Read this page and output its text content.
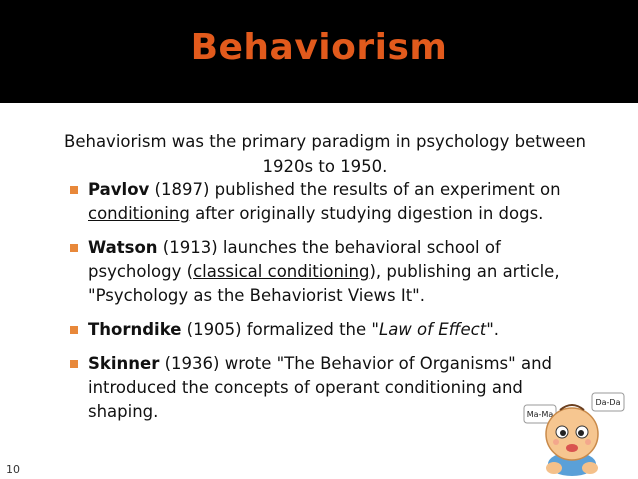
Behaviorism
Behaviorism was the primary paradigm in psychology between 1920s to 1950.
Pavlov (1897) published the results of an experiment on conditioning after originally studying digestion in dogs.
Watson (1913) launches the behavioral school of psychology (classical conditioning), publishing an article, "Psychology as the Behaviorist Views It".
Thorndike (1905) formalized the "Law of Effect".
Skinner (1936) wrote "The Behavior of Organisms" and introduced the concepts of operant conditioning and shaping.
10
Ma-Ma
Da-Da
